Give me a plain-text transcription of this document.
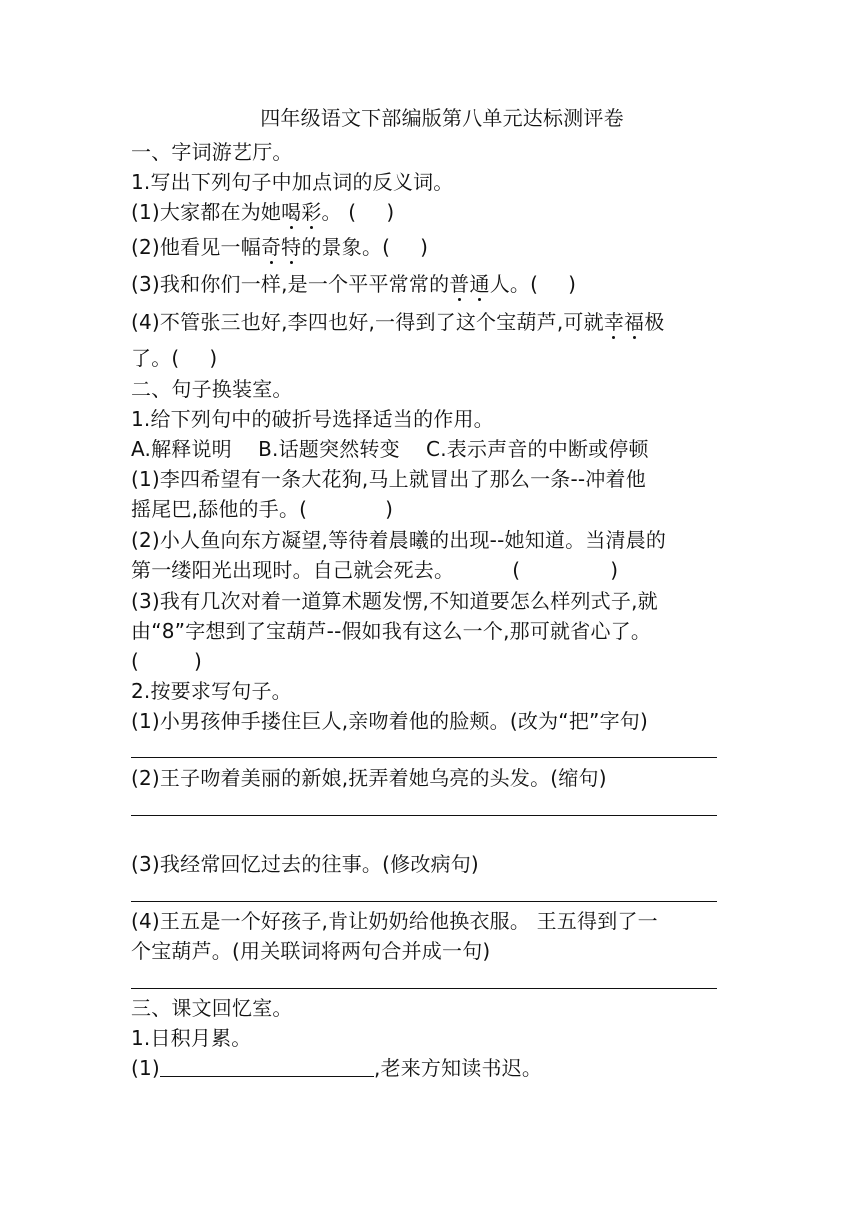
四年级语文下部编版第八单元达标测评卷
一、字词游艺厅。
1.写出下列句子中加点词的反义词。
(1)大家都在为她喝彩。 ( )
(2)他看见一幅奇特的景象。( )
(3)我和你们一样,是一个平平常常的普通人。( )
(4)不管张三也好,李四也好,一得到了这个宝葫芦,可就幸福极
了。( )
二、句子换装室。
1.给下列句中的破折号选择适当的作用。
A.解释说明    B.话题突然转变    C.表示声音的中断或停顿
(1)李四希望有一条大花狗,马上就冒出了那么一条--冲着他
摇尾巴,舔他的手。(	)
(2)小人鱼向东方凝望,等待着晨曦的出现--她知道。当清晨的
第一缕阳光出现时。自己就会死去。	(	)
(3)我有几次对着一道算术题发愣,不知道要怎么样列式子,就
由“8”字想到了宝葫芦--假如我有这么一个,那可就省心了。
(	)
2.按要求写句子。
(1)小男孩伸手搂住巨人,亲吻着他的脸颊。(改为“把”字句)
(2)王子吻着美丽的新娘,抚弄着她乌亮的头发。(缩句)
(3)我经常回忆过去的往事。(修改病句)
(4)王五是一个好孩子,肯让奶奶给他换衣服。 王五得到了一
个宝葫芦。(用关联词将两句合并成一句)
三、课文回忆室。
1.日积月累。
(1)	,老来方知读书迟。
